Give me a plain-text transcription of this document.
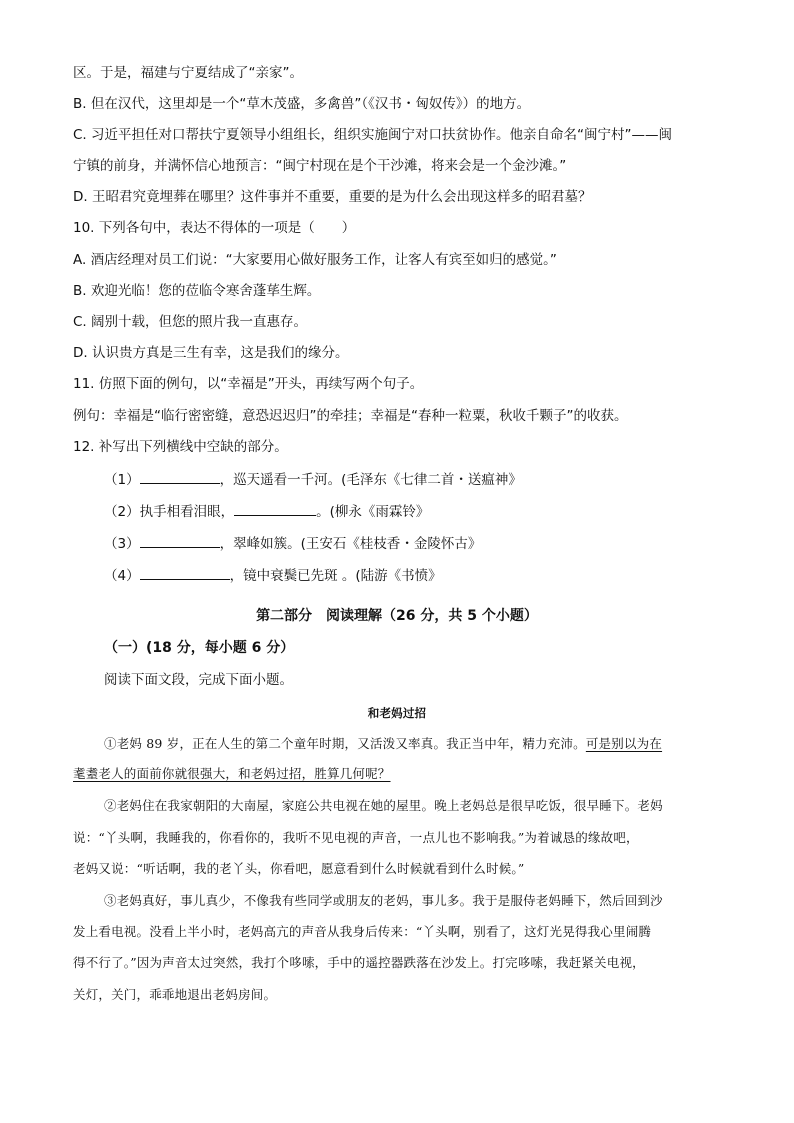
区。于是，福建与宁夏结成了“亲家”。
B. 但在汉代，这里却是一个“草木茂盛，多禽兽”（《汉书・匈奴传》）的地方。
C. 习近平担任对口帮扶宁夏领导小组组长，组织实施闽宁对口扶贫协作。他亲自命名“闽宁村”——闽
宁镇的前身，并满怀信心地预言：“闽宁村现在是个干沙滩，将来会是一个金沙滩。”
D. 王昭君究竟埋葬在哪里？这件事并不重要，重要的是为什么会出现这样多的昭君墓？
10. 下列各句中，表达不得体的一项是（　　）
A. 酒店经理对员工们说：“大家要用心做好服务工作，让客人有宾至如归的感觉。”
B. 欢迎光临！您的莅临令寒舍蓬荜生辉。
C. 阔别十载，但您的照片我一直惠存。
D. 认识贵方真是三生有幸，这是我们的缘分。
11. 仿照下面的例句，以“幸福是”开头，再续写两个句子。
例句：幸福是“临行密密缝，意恐迟迟归”的牵挂；幸福是“春种一粒粟，秋收千颗子”的收获。
12. 补写出下列横线中空缺的部分。
（1）	，巡天遥看一千河。(毛泽东《七律二首・送瘟神》
（2）执手相看泪眼，	。(柳永《雨霖铃》
（3）	，翠峰如簇。(王安石《桂枝香・金陵怀古》
（4）	，镜中衰鬓已先斑 。(陆游《书愤》
第二部分　阅读理解（26 分，共 5 个小题）
（一）(18 分，每小题 6 分）
阅读下面文段，完成下面小题。
和老妈过招
①老妈 89 岁，正在人生的第二个童年时期，又活泼又率真。我正当中年，精力充沛。可是别以为在
耄耋老人的面前你就很强大，和老妈过招，胜算几何呢？
②老妈住在我家朝阳的大南屋，家庭公共电视在她的屋里。晚上老妈总是很早吃饭，很早睡下。老妈
说：“丫头啊，我睡我的，你看你的，我听不见电视的声音，一点儿也不影响我。”为着诚恳的缘故吧，
老妈又说：“听话啊，我的老丫头，你看吧，愿意看到什么时候就看到什么时候。”
③老妈真好，事儿真少，不像我有些同学或朋友的老妈，事儿多。我于是服侍老妈睡下，然后回到沙
发上看电视。没看上半小时，老妈高亢的声音从我身后传来：“丫头啊，别看了，这灯光晃得我心里闹腾
得不行了。”因为声音太过突然，我打个哆嗦，手中的遥控器跌落在沙发上。打完哆嗦，我赶紧关电视，
关灯，关门，乖乖地退出老妈房间。
